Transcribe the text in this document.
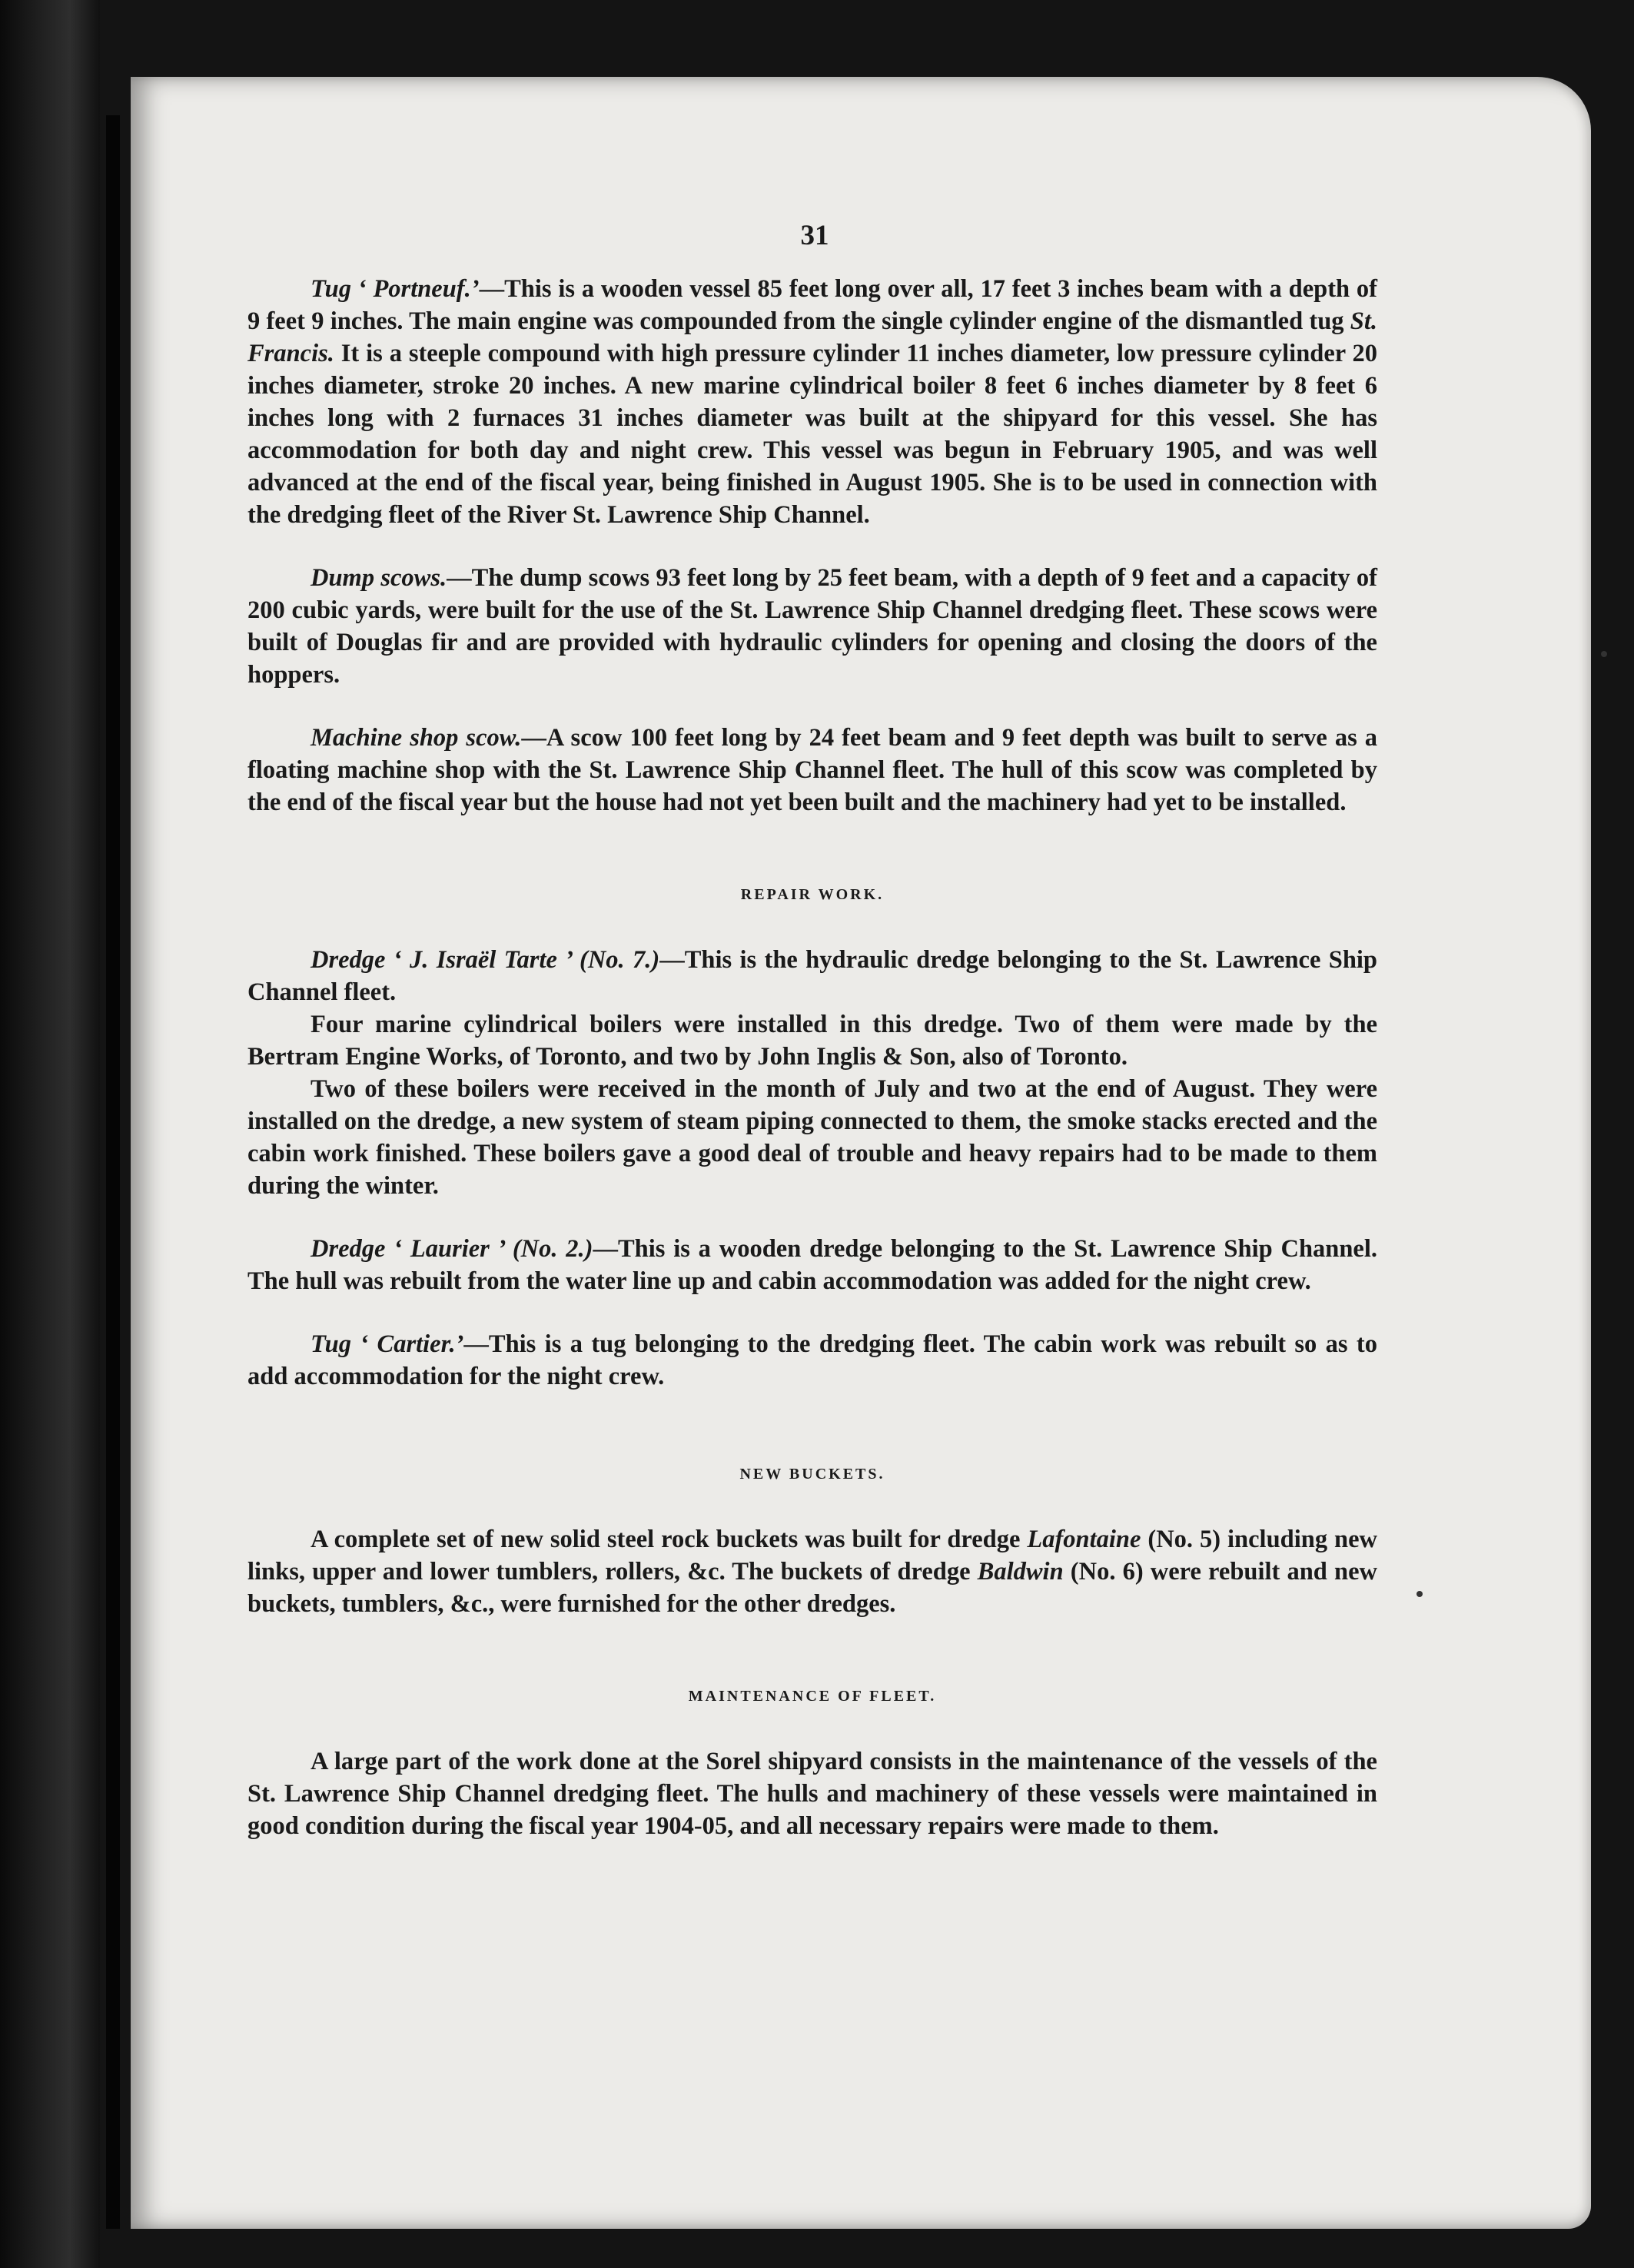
31

Tug ‘ Portneuf.’—This is a wooden vessel 85 feet long over all, 17 feet 3 inches beam with a depth of 9 feet 9 inches. The main engine was compounded from the single cylinder engine of the dismantled tug St. Francis. It is a steeple compound with high pressure cylinder 11 inches diameter, low pressure cylinder 20 inches diameter, stroke 20 inches. A new marine cylindrical boiler 8 feet 6 inches diameter by 8 feet 6 inches long with 2 furnaces 31 inches diameter was built at the shipyard for this vessel. She has accommodation for both day and night crew. This vessel was begun in February 1905, and was well advanced at the end of the fiscal year, being finished in August 1905. She is to be used in connection with the dredging fleet of the River St. Lawrence Ship Channel.

Dump scows.—The dump scows 93 feet long by 25 feet beam, with a depth of 9 feet and a capacity of 200 cubic yards, were built for the use of the St. Lawrence Ship Channel dredging fleet. These scows were built of Douglas fir and are provided with hydraulic cylinders for opening and closing the doors of the hoppers.

Machine shop scow.—A scow 100 feet long by 24 feet beam and 9 feet depth was built to serve as a floating machine shop with the St. Lawrence Ship Channel fleet. The hull of this scow was completed by the end of the fiscal year but the house had not yet been built and the machinery had yet to be installed.

REPAIR WORK.

Dredge ‘ J. Israël Tarte ’ (No. 7.)—This is the hydraulic dredge belonging to the St. Lawrence Ship Channel fleet.

Four marine cylindrical boilers were installed in this dredge. Two of them were made by the Bertram Engine Works, of Toronto, and two by John Inglis & Son, also of Toronto.

Two of these boilers were received in the month of July and two at the end of August. They were installed on the dredge, a new system of steam piping connected to them, the smoke stacks erected and the cabin work finished. These boilers gave a good deal of trouble and heavy repairs had to be made to them during the winter.

Dredge ‘ Laurier ’ (No. 2.)—This is a wooden dredge belonging to the St. Lawrence Ship Channel. The hull was rebuilt from the water line up and cabin accommodation was added for the night crew.

Tug ‘ Cartier.’—This is a tug belonging to the dredging fleet. The cabin work was rebuilt so as to add accommodation for the night crew.

NEW BUCKETS.

A complete set of new solid steel rock buckets was built for dredge Lafontaine (No. 5) including new links, upper and lower tumblers, rollers, &c. The buckets of dredge Baldwin (No. 6) were rebuilt and new buckets, tumblers, &c., were furnished for the other dredges.

MAINTENANCE OF FLEET.

A large part of the work done at the Sorel shipyard consists in the maintenance of the vessels of the St. Lawrence Ship Channel dredging fleet. The hulls and machinery of these vessels were maintained in good condition during the fiscal year 1904-05, and all necessary repairs were made to them.
